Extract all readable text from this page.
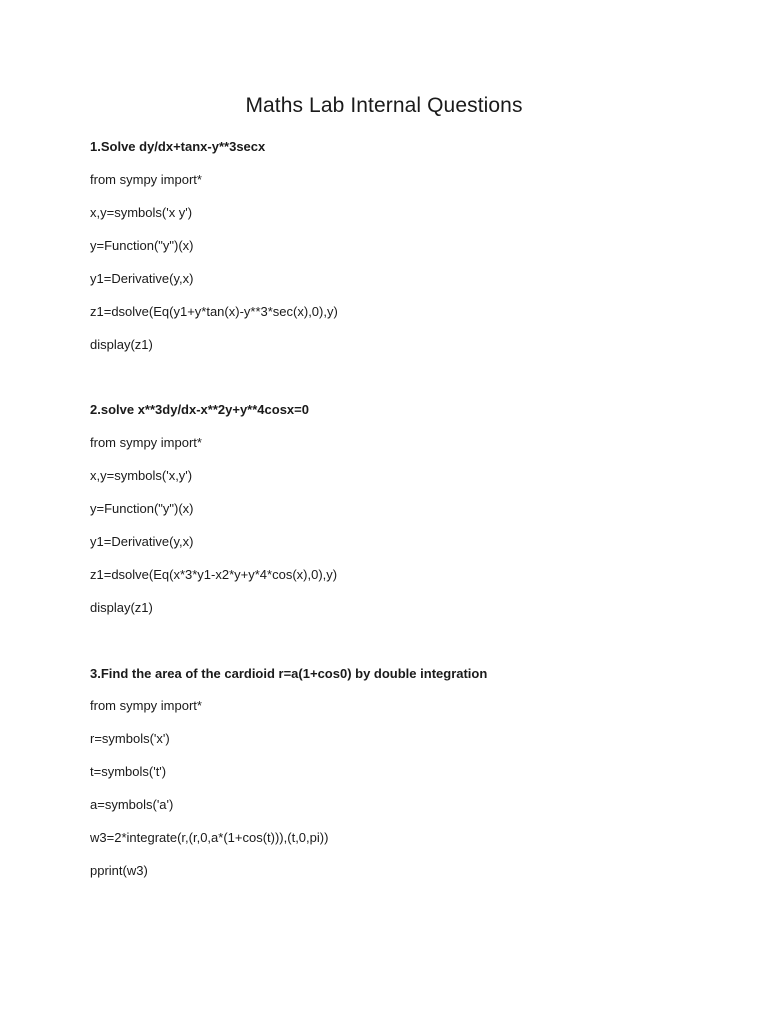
Maths Lab Internal Questions

1.Solve dy/dx+tanx-y**3secx

from sympy import*

x,y=symbols('x y')

y=Function("y")(x)

y1=Derivative(y,x)

z1=dsolve(Eq(y1+y*tan(x)-y**3*sec(x),0),y)

display(z1)

2.solve x**3dy/dx-x**2y+y**4cosx=0

from sympy import*

x,y=symbols('x,y')

y=Function("y")(x)

y1=Derivative(y,x)

z1=dsolve(Eq(x*3*y1-x2*y+y*4*cos(x),0),y)

display(z1)

3.Find the area of the cardioid r=a(1+cos0) by double integration

from sympy import*

r=symbols('x')

t=symbols('t')

a=symbols('a')

w3=2*integrate(r,(r,0,a*(1+cos(t))),(t,0,pi))

pprint(w3)
